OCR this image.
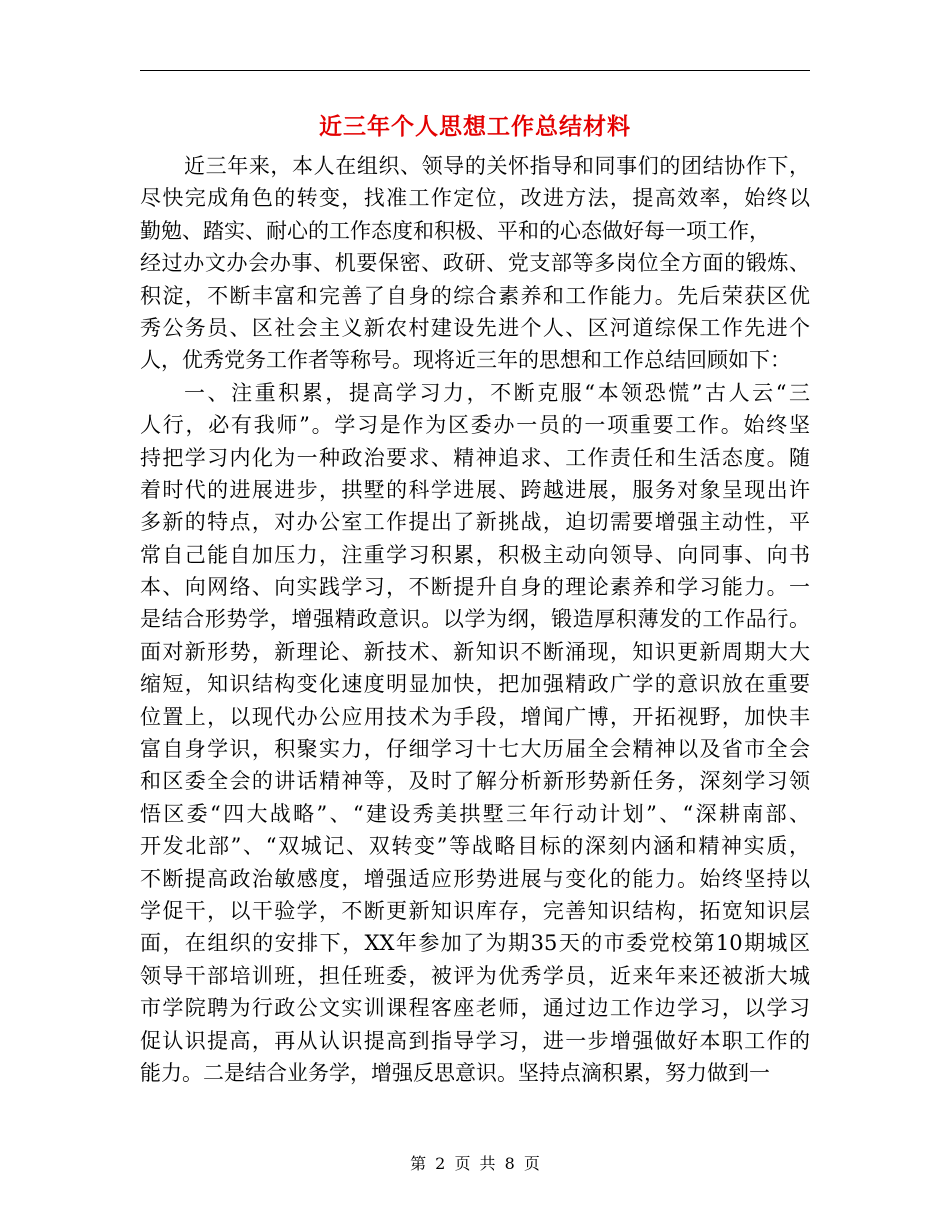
近三年个人思想工作总结材料
近三年来，本人在组织、领导的关怀指导和同事们的团结协作下，
尽快完成角色的转变，找准工作定位，改进方法，提高效率，始终以
勤勉、踏实、耐心的工作态度和积极、平和的心态做好每一项工作，
经过办文办会办事、机要保密、政研、党支部等多岗位全方面的锻炼、
积淀，不断丰富和完善了自身的综合素养和工作能力。先后荣获区优
秀公务员、区社会主义新农村建设先进个人、区河道综保工作先进个
人，优秀党务工作者等称号。现将近三年的思想和工作总结回顾如下：
一、注重积累，提高学习力，不断克服“本领恐慌”古人云“三
人行，必有我师”。学习是作为区委办一员的一项重要工作。始终坚
持把学习内化为一种政治要求、精神追求、工作责任和生活态度。随
着时代的进展进步，拱墅的科学进展、跨越进展，服务对象呈现出许
多新的特点，对办公室工作提出了新挑战，迫切需要增强主动性，平
常自己能自加压力，注重学习积累，积极主动向领导、向同事、向书
本、向网络、向实践学习，不断提升自身的理论素养和学习能力。一
是结合形势学，增强精政意识。以学为纲，锻造厚积薄发的工作品行。
面对新形势，新理论、新技术、新知识不断涌现，知识更新周期大大
缩短，知识结构变化速度明显加快，把加强精政广学的意识放在重要
位置上，以现代办公应用技术为手段，增闻广博，开拓视野，加快丰
富自身学识，积聚实力，仔细学习十七大历届全会精神以及省市全会
和区委全会的讲话精神等，及时了解分析新形势新任务，深刻学习领
悟区委“四大战略”、“建设秀美拱墅三年行动计划”、“深耕南部、
开发北部”、“双城记、双转变”等战略目标的深刻内涵和精神实质，
不断提高政治敏感度，增强适应形势进展与变化的能力。始终坚持以
学促干，以干验学，不断更新知识库存，完善知识结构，拓宽知识层
面，在组织的安排下，XX年参加了为期35天的市委党校第10期城区
领导干部培训班，担任班委，被评为优秀学员，近来年来还被浙大城
市学院聘为行政公文实训课程客座老师，通过边工作边学习，以学习
促认识提高，再从认识提高到指导学习，进一步增强做好本职工作的
能力。二是结合业务学，增强反思意识。坚持点滴积累，努力做到一
第 2 页 共 8 页
